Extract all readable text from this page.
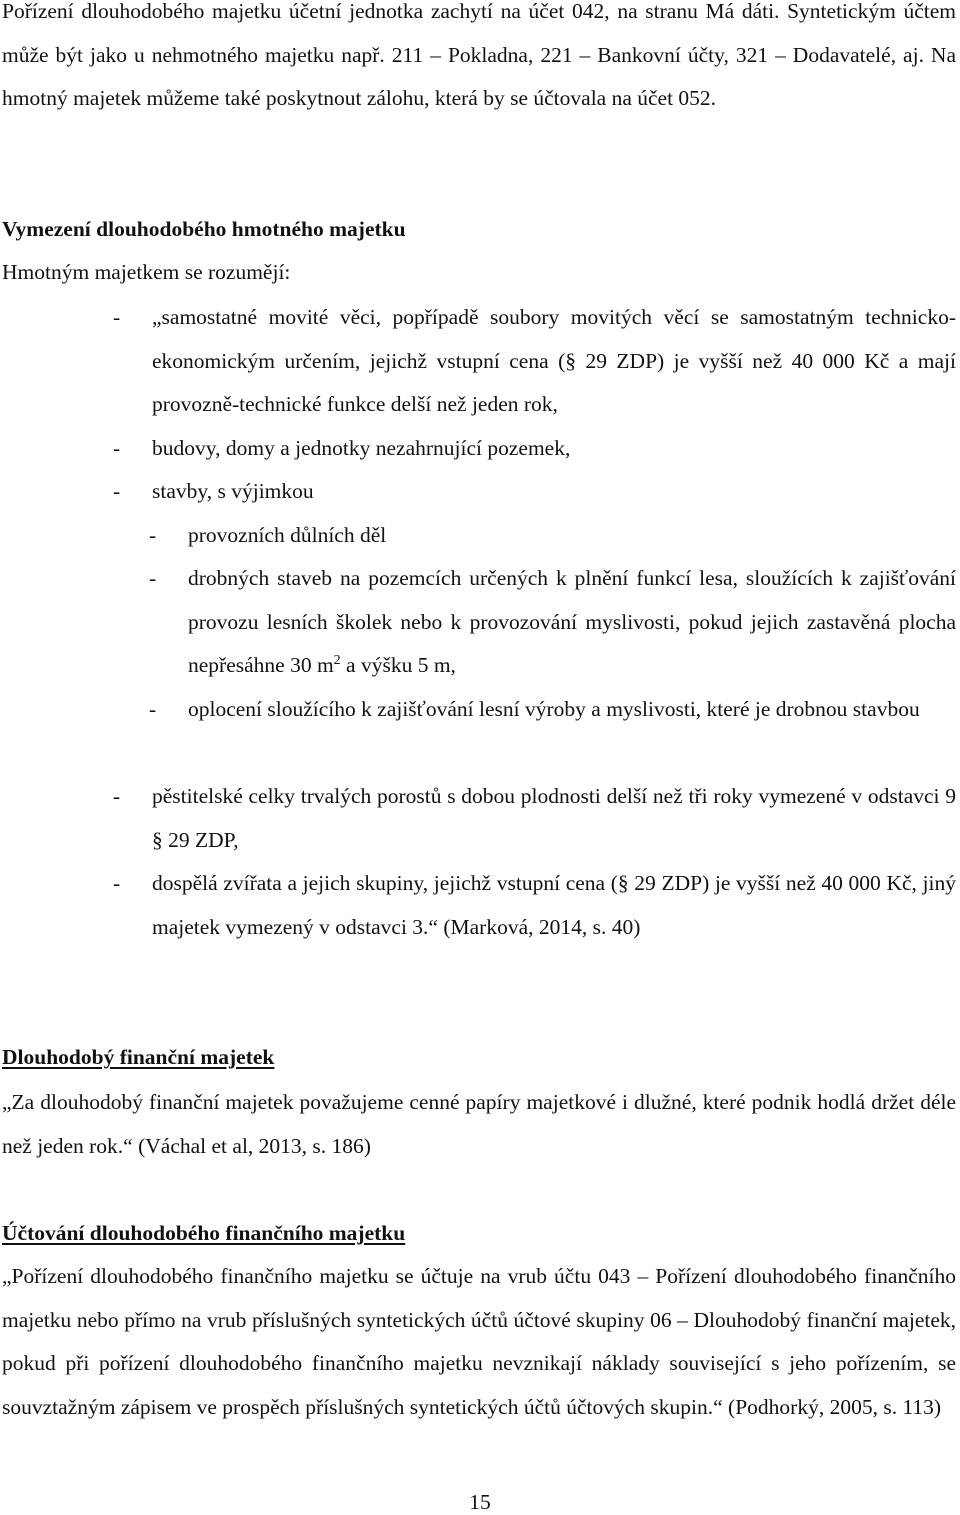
Pořízení dlouhodobého majetku účetní jednotka zachytí na účet 042, na stranu Má dáti. Syntetickým účtem může být jako u nehmotného majetku např. 211 – Pokladna, 221 – Bankovní účty, 321 – Dodavatelé, aj. Na hmotný majetek můžeme také poskytnout zálohu, která by se účtovala na účet 052.

Vymezení dlouhodobého hmotného majetku

Hmotným majetkem se rozumějí:

- „samostatné movité věci, popřípadě soubory movitých věcí se samostatným technicko-ekonomickým určením, jejichž vstupní cena (§ 29 ZDP) je vyšší než 40 000 Kč a mají provozně-technické funkce delší než jeden rok,
- budovy, domy a jednotky nezahrnující pozemek,
- stavby, s výjimkou
- provozních důlních děl
- drobných staveb na pozemcích určených k plnění funkcí lesa, sloužících k zajišťování provozu lesních školek nebo k provozování myslivosti, pokud jejich zastavěná plocha nepřesáhne 30 $m^2$ a výšku 5 m,
- oplocení sloužícího k zajišťování lesní výroby a myslivosti, které je drobnou stavbou
- pěstitelské celky trvalých porostů s dobou plodnosti delší než tři roky vymezené v odstavci 9 § 29 ZDP,
- dospělá zvířata a jejich skupiny, jejichž vstupní cena (§ 29 ZDP) je vyšší než 40 000 Kč, jiný majetek vymezený v odstavci 3.“ (Marková, 2014, s. 40)
Dlouhodobý finanční majetek

„Za dlouhodobý finanční majetek považujeme cenné papíry majetkové i dlužné, které podnik hodlá držet déle než jeden rok.“ (Váchal et al, 2013, s. 186)

Účtování dlouhodobého finančního majetku

„Pořízení dlouhodobého finančního majetku se účtuje na vrub účtu 043 – Pořízení dlouhodobého finančního majetku nebo přímo na vrub příslušných syntetických účtů účtové skupiny 06 – Dlouhodobý finanční majetek, pokud při pořízení dlouhodobého finančního majetku nevznikají náklady související s jeho pořízením, se souvztažným zápisem ve prospěch příslušných syntetických účtů účtových skupin.“ (Podhorký, 2005, s. 113)

15
